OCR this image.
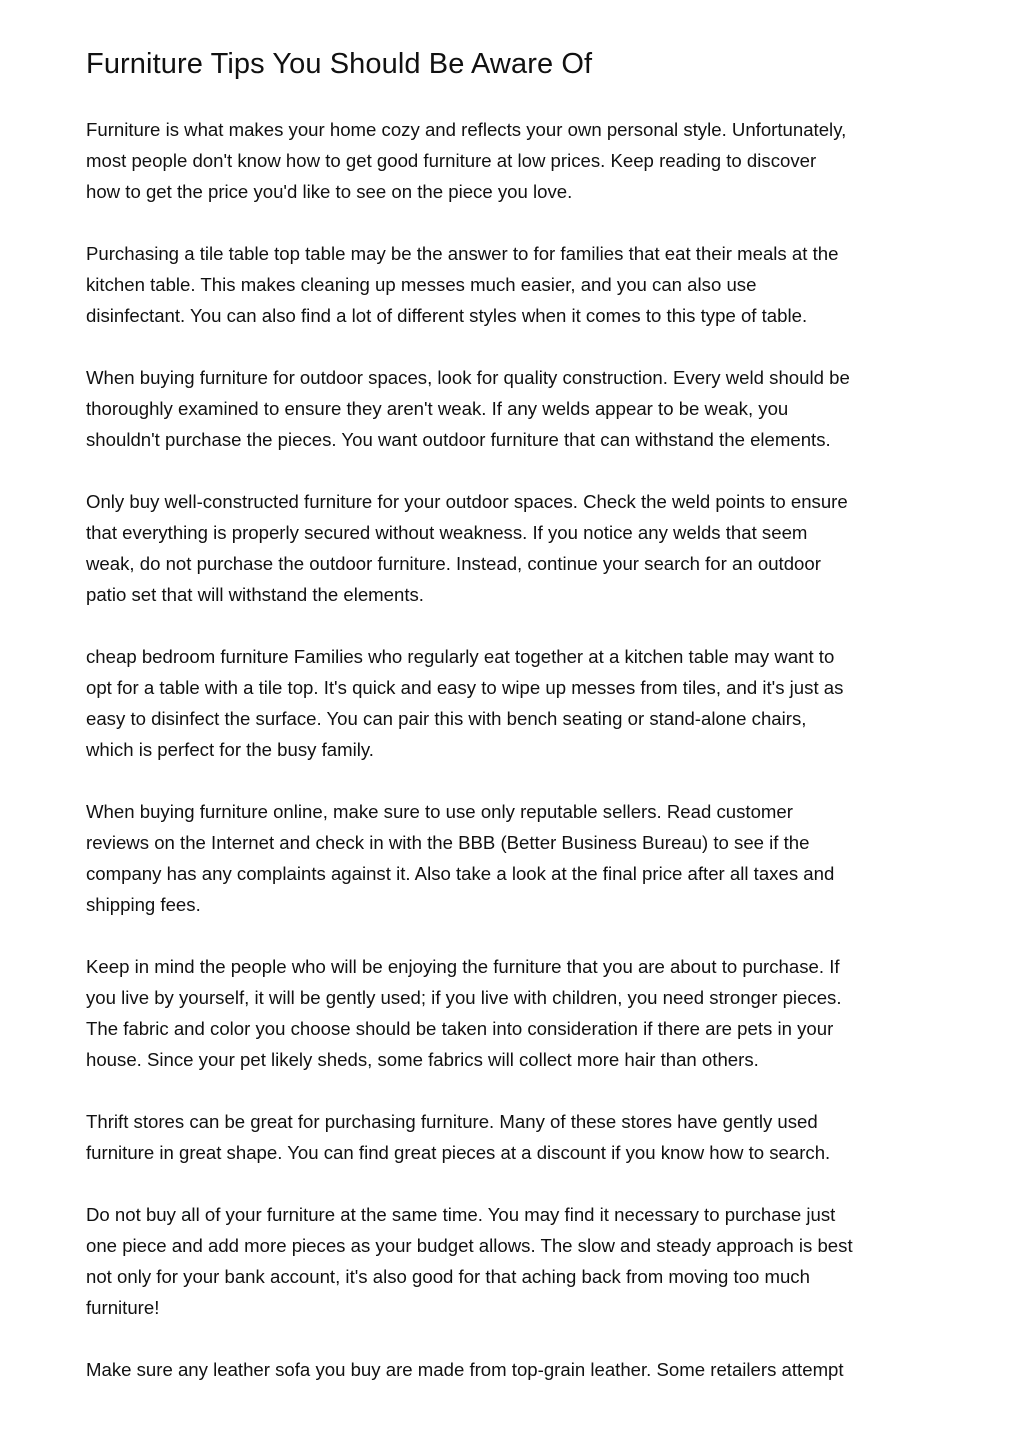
Furniture Tips You Should Be Aware Of

Furniture is what makes your home cozy and reflects your own personal style. Unfortunately,
most people don't know how to get good furniture at low prices. Keep reading to discover
how to get the price you'd like to see on the piece you love.

Purchasing a tile table top table may be the answer to for families that eat their meals at the
kitchen table. This makes cleaning up messes much easier, and you can also use
disinfectant. You can also find a lot of different styles when it comes to this type of table.

When buying furniture for outdoor spaces, look for quality construction. Every weld should be
thoroughly examined to ensure they aren't weak. If any welds appear to be weak, you
shouldn't purchase the pieces. You want outdoor furniture that can withstand the elements.

Only buy well-constructed furniture for your outdoor spaces. Check the weld points to ensure
that everything is properly secured without weakness. If you notice any welds that seem
weak, do not purchase the outdoor furniture. Instead, continue your search for an outdoor
patio set that will withstand the elements.

cheap bedroom furniture Families who regularly eat together at a kitchen table may want to
opt for a table with a tile top. It's quick and easy to wipe up messes from tiles, and it's just as
easy to disinfect the surface. You can pair this with bench seating or stand-alone chairs,
which is perfect for the busy family.

When buying furniture online, make sure to use only reputable sellers. Read customer
reviews on the Internet and check in with the BBB (Better Business Bureau) to see if the
company has any complaints against it. Also take a look at the final price after all taxes and
shipping fees.

Keep in mind the people who will be enjoying the furniture that you are about to purchase. If
you live by yourself, it will be gently used; if you live with children, you need stronger pieces.
The fabric and color you choose should be taken into consideration if there are pets in your
house. Since your pet likely sheds, some fabrics will collect more hair than others.

Thrift stores can be great for purchasing furniture. Many of these stores have gently used
furniture in great shape. You can find great pieces at a discount if you know how to search.

Do not buy all of your furniture at the same time. You may find it necessary to purchase just
one piece and add more pieces as your budget allows. The slow and steady approach is best
not only for your bank account, it's also good for that aching back from moving too much
furniture!

Make sure any leather sofa you buy are made from top-grain leather. Some retailers attempt
